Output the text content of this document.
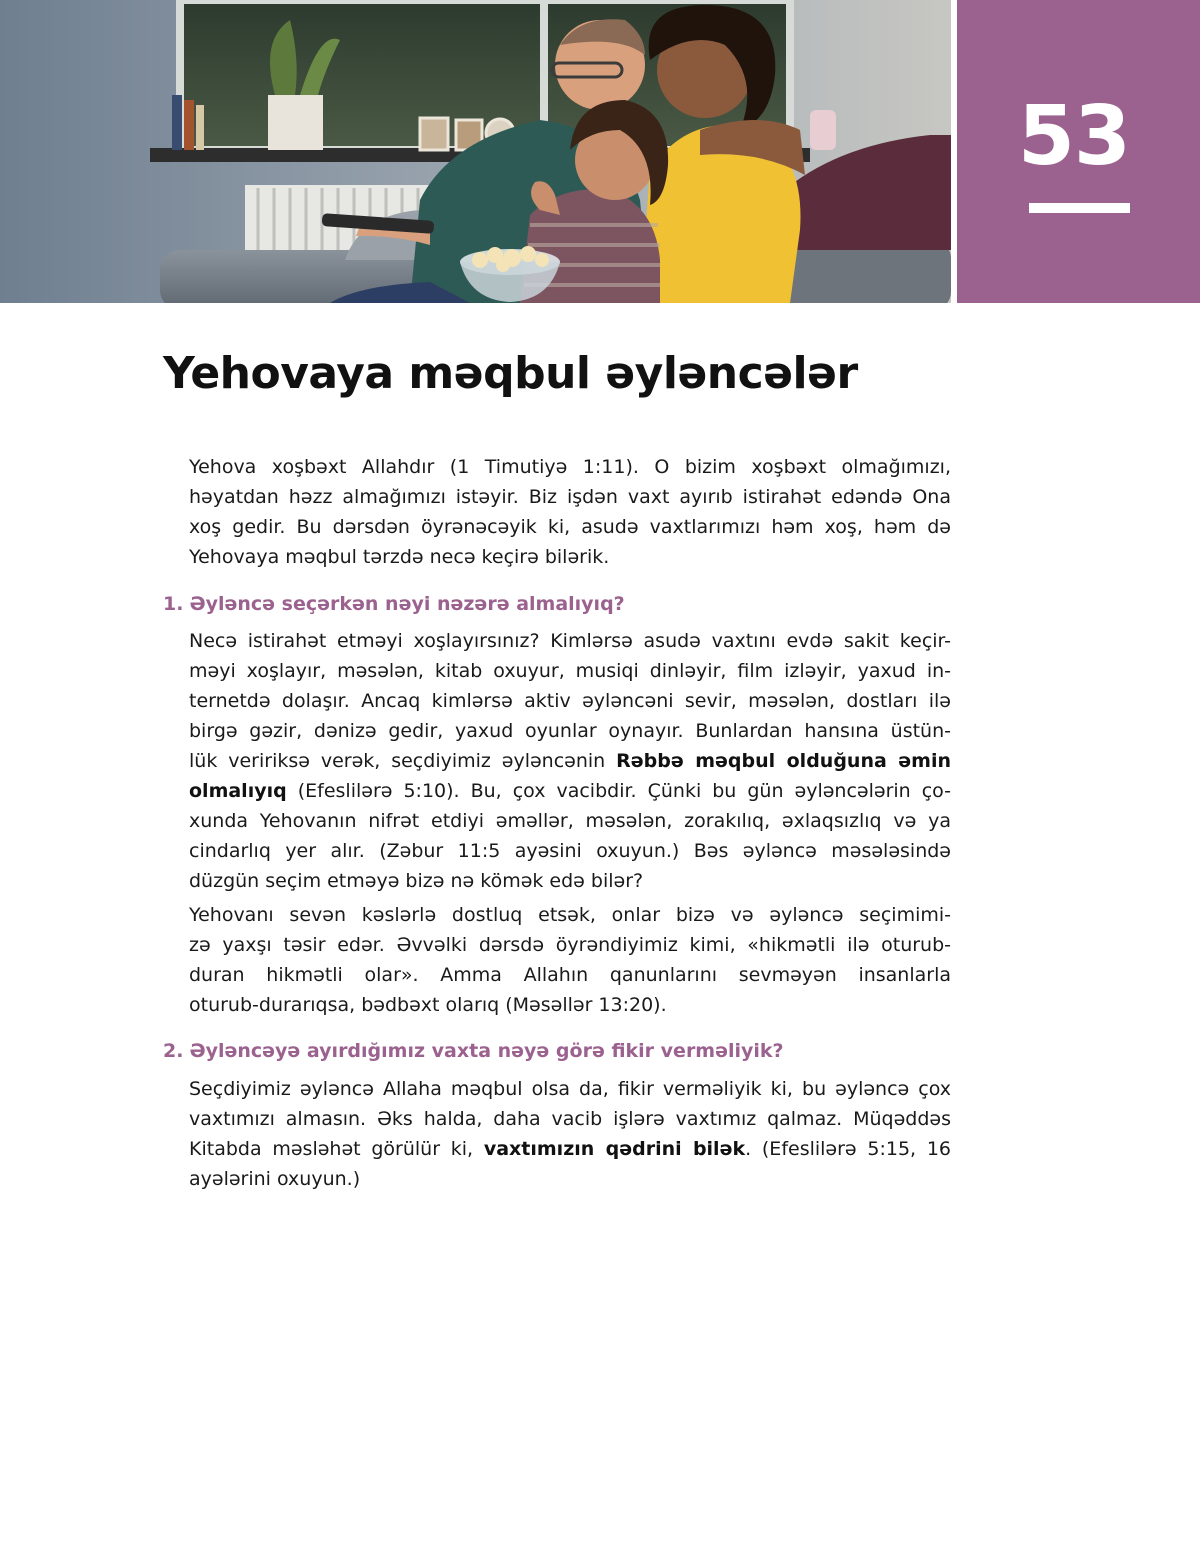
53
Yehovaya məqbul əyləncələr

Yehova xoşbəxt Allahdır (1 Timutiyə 1:11). O bizim xoşbəxt olmağımızı,
həyatdan həzz almağımızı istəyir. Biz işdən vaxt ayırıb istirahət edəndə Ona
xoş gedir. Bu dərsdən öyrənəcəyik ki, asudə vaxtlarımızı həm xoş, həm də
Yehovaya məqbul tərzdə necə keçirə bilərik.

1. Əyləncə seçərkən nəyi nəzərə almalıyıq?

Necə istirahət etməyi xoşlayırsınız? Kimlərsə asudə vaxtını evdə sakit keçir-
məyi xoşlayır, məsələn, kitab oxuyur, musiqi dinləyir, film izləyir, yaxud in-
ternetdə dolaşır. Ancaq kimlərsə aktiv əyləncəni sevir, məsələn, dostları ilə
birgə gəzir, dənizə gedir, yaxud oyunlar oynayır. Bunlardan hansına üstün-
lük veririksə verək, seçdiyimiz əyləncənin Rəbbə məqbul olduğuna əmin
olmalıyıq (Efeslilərə 5:10). Bu, çox vacibdir. Çünki bu gün əyləncələrin ço-
xunda Yehovanın nifrət etdiyi əməllər, məsələn, zorakılıq, əxlaqsızlıq və ya
cindarlıq yer alır. (Zəbur 11:5 ayəsini oxuyun.) Bəs əyləncə məsələsində
düzgün seçim etməyə bizə nə kömək edə bilər?

Yehovanı sevən kəslərlə dostluq etsək, onlar bizə və əyləncə seçimimi-
zə yaxşı təsir edər. Əvvəlki dərsdə öyrəndiyimiz kimi, «hikmətli ilə oturub-
duran hikmətli olar». Amma Allahın qanunlarını sevməyən insanlarla
oturub-durarıqsa, bədbəxt olarıq (Məsəllər 13:20).

2. Əyləncəyə ayırdığımız vaxta nəyə görə fikir verməliyik?

Seçdiyimiz əyləncə Allaha məqbul olsa da, fikir verməliyik ki, bu əyləncə çox
vaxtımızı almasın. Əks halda, daha vacib işlərə vaxtımız qalmaz. Müqəddəs
Kitabda məsləhət görülür ki, vaxtımızın qədrini bilək. (Efeslilərə 5:15, 16
ayələrini oxuyun.)
